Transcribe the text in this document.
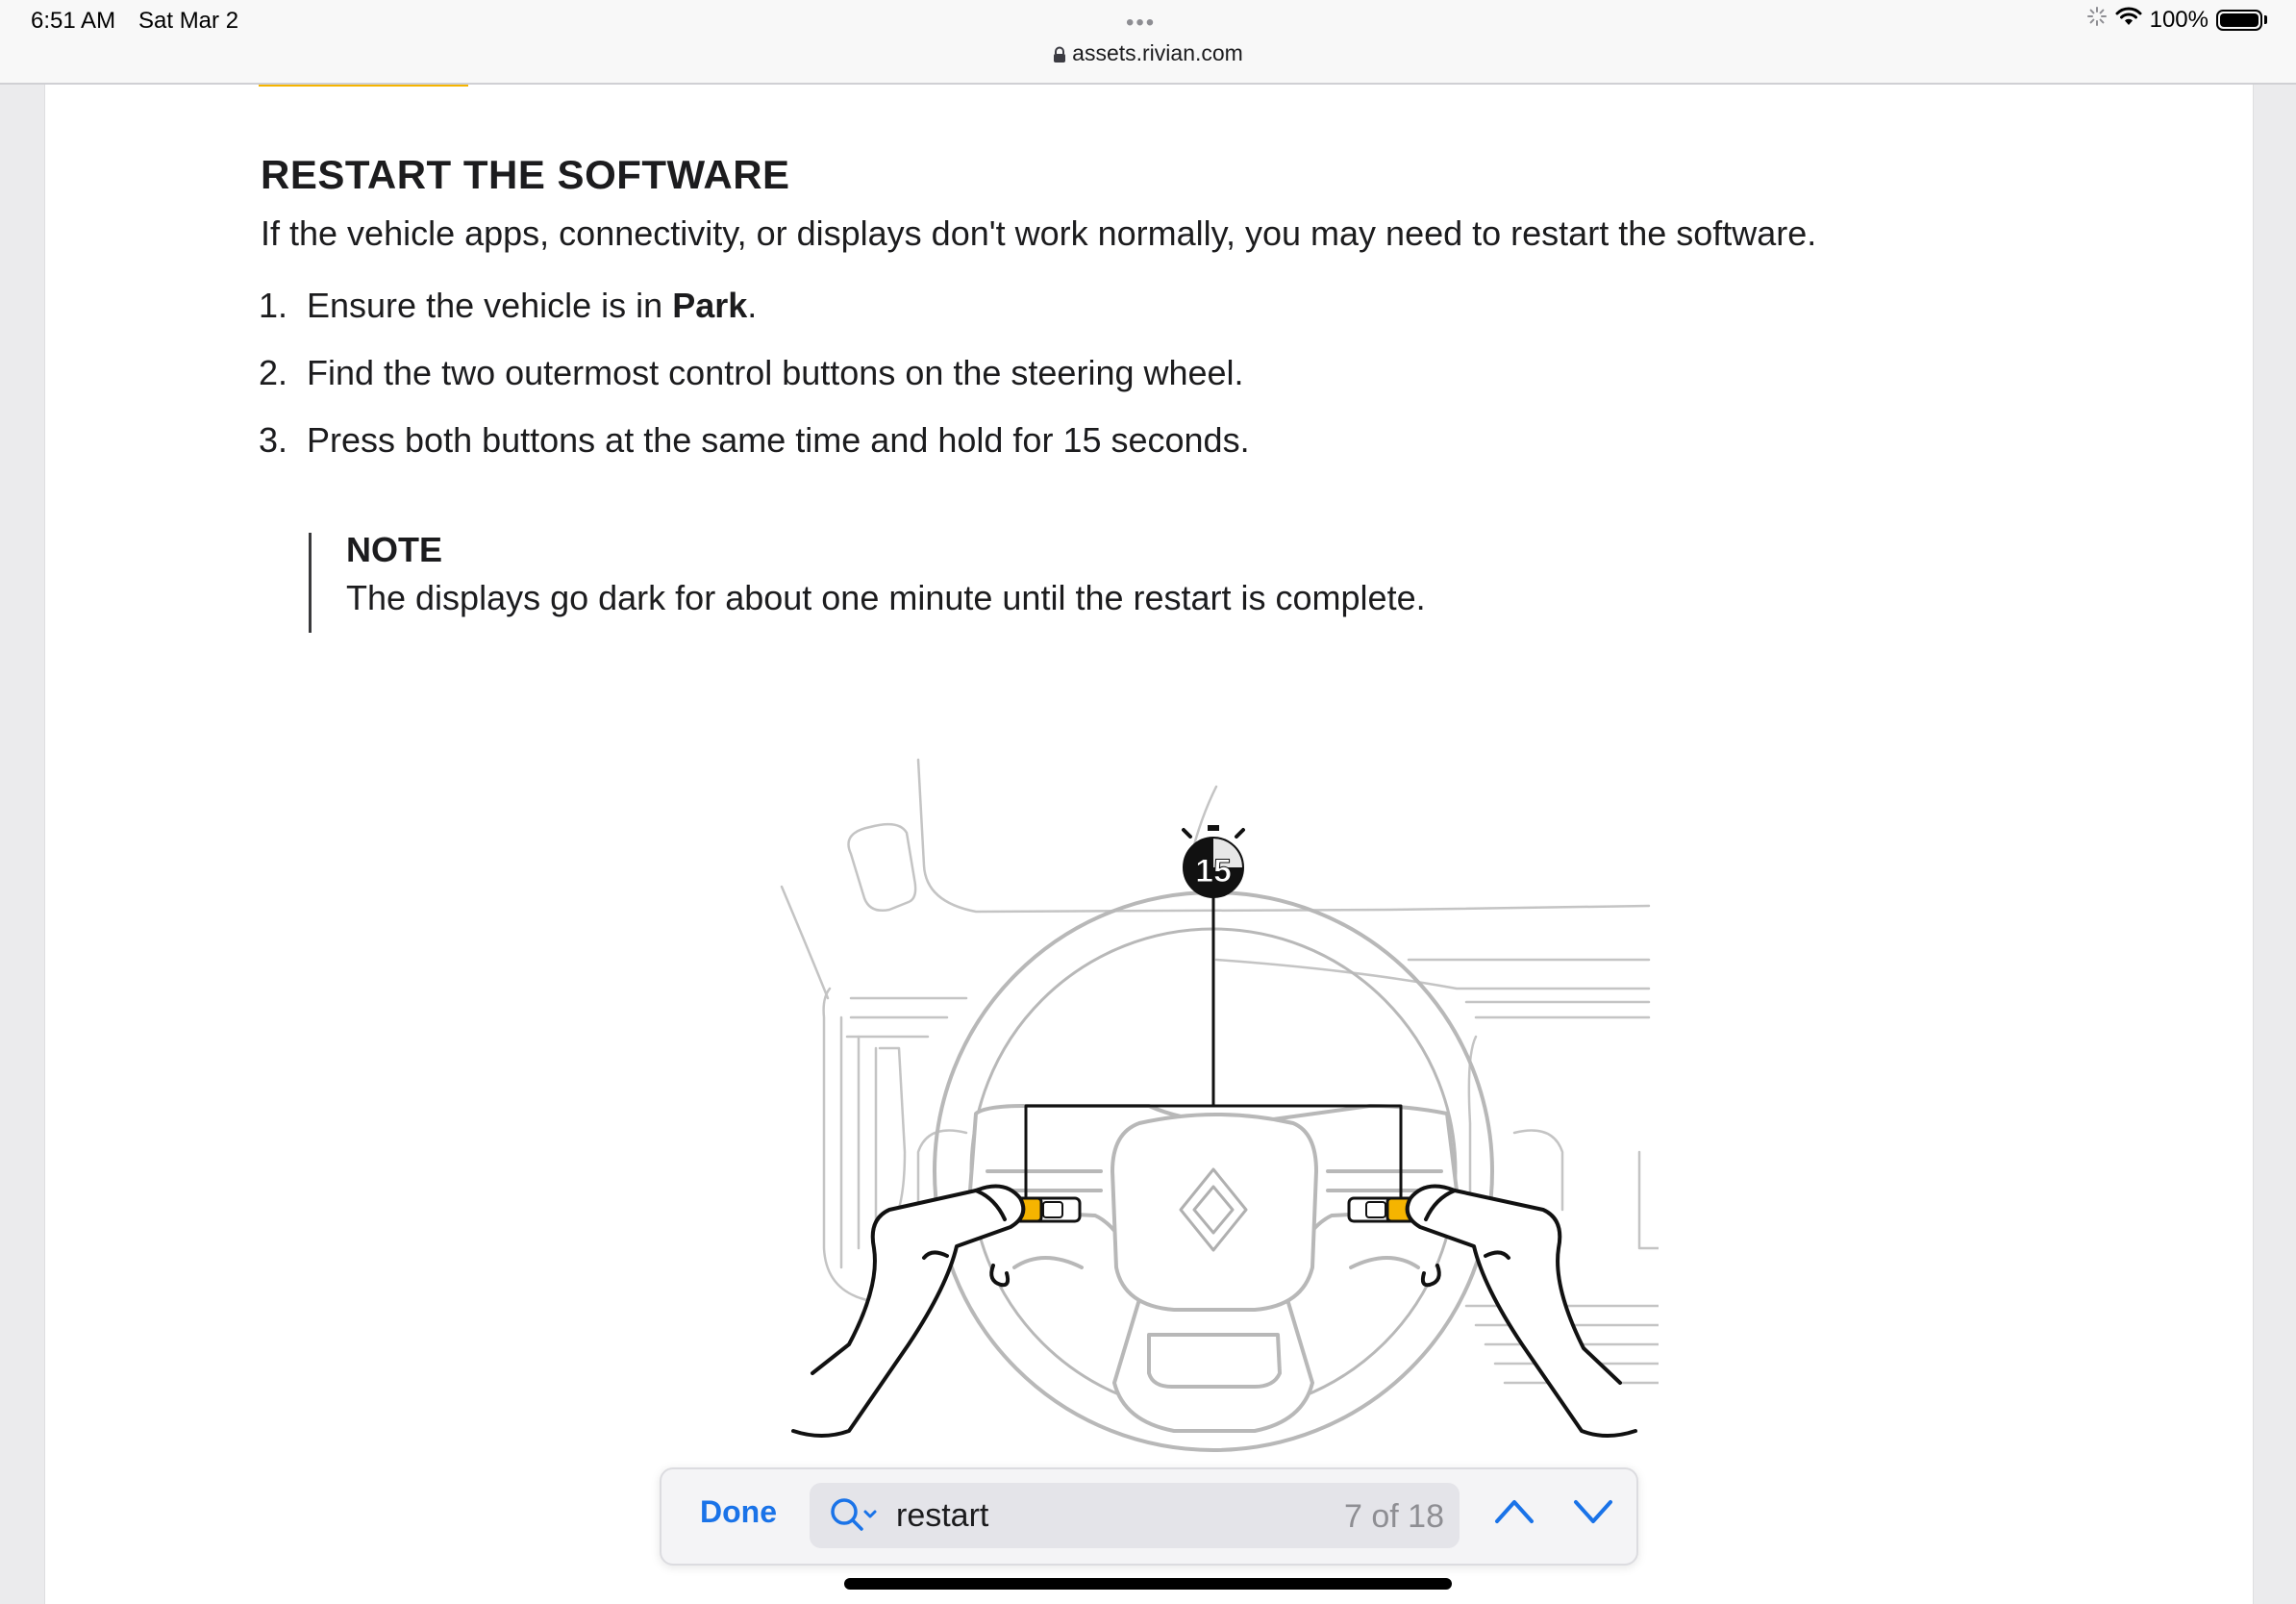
6:51 AM Sat Mar 2	•••
assets.rivian.com
100%
RESTART THE SOFTWARE

If the vehicle apps, connectivity, or displays don't work normally, you may need to restart the software.

1. Ensure the vehicle is in Park.
2. Find the two outermost control buttons on the steering wheel.
3. Press both buttons at the same time and hold for 15 seconds.

NOTE

The displays go dark for about one minute until the restart is complete.

15
Done
restart	7 of 18
